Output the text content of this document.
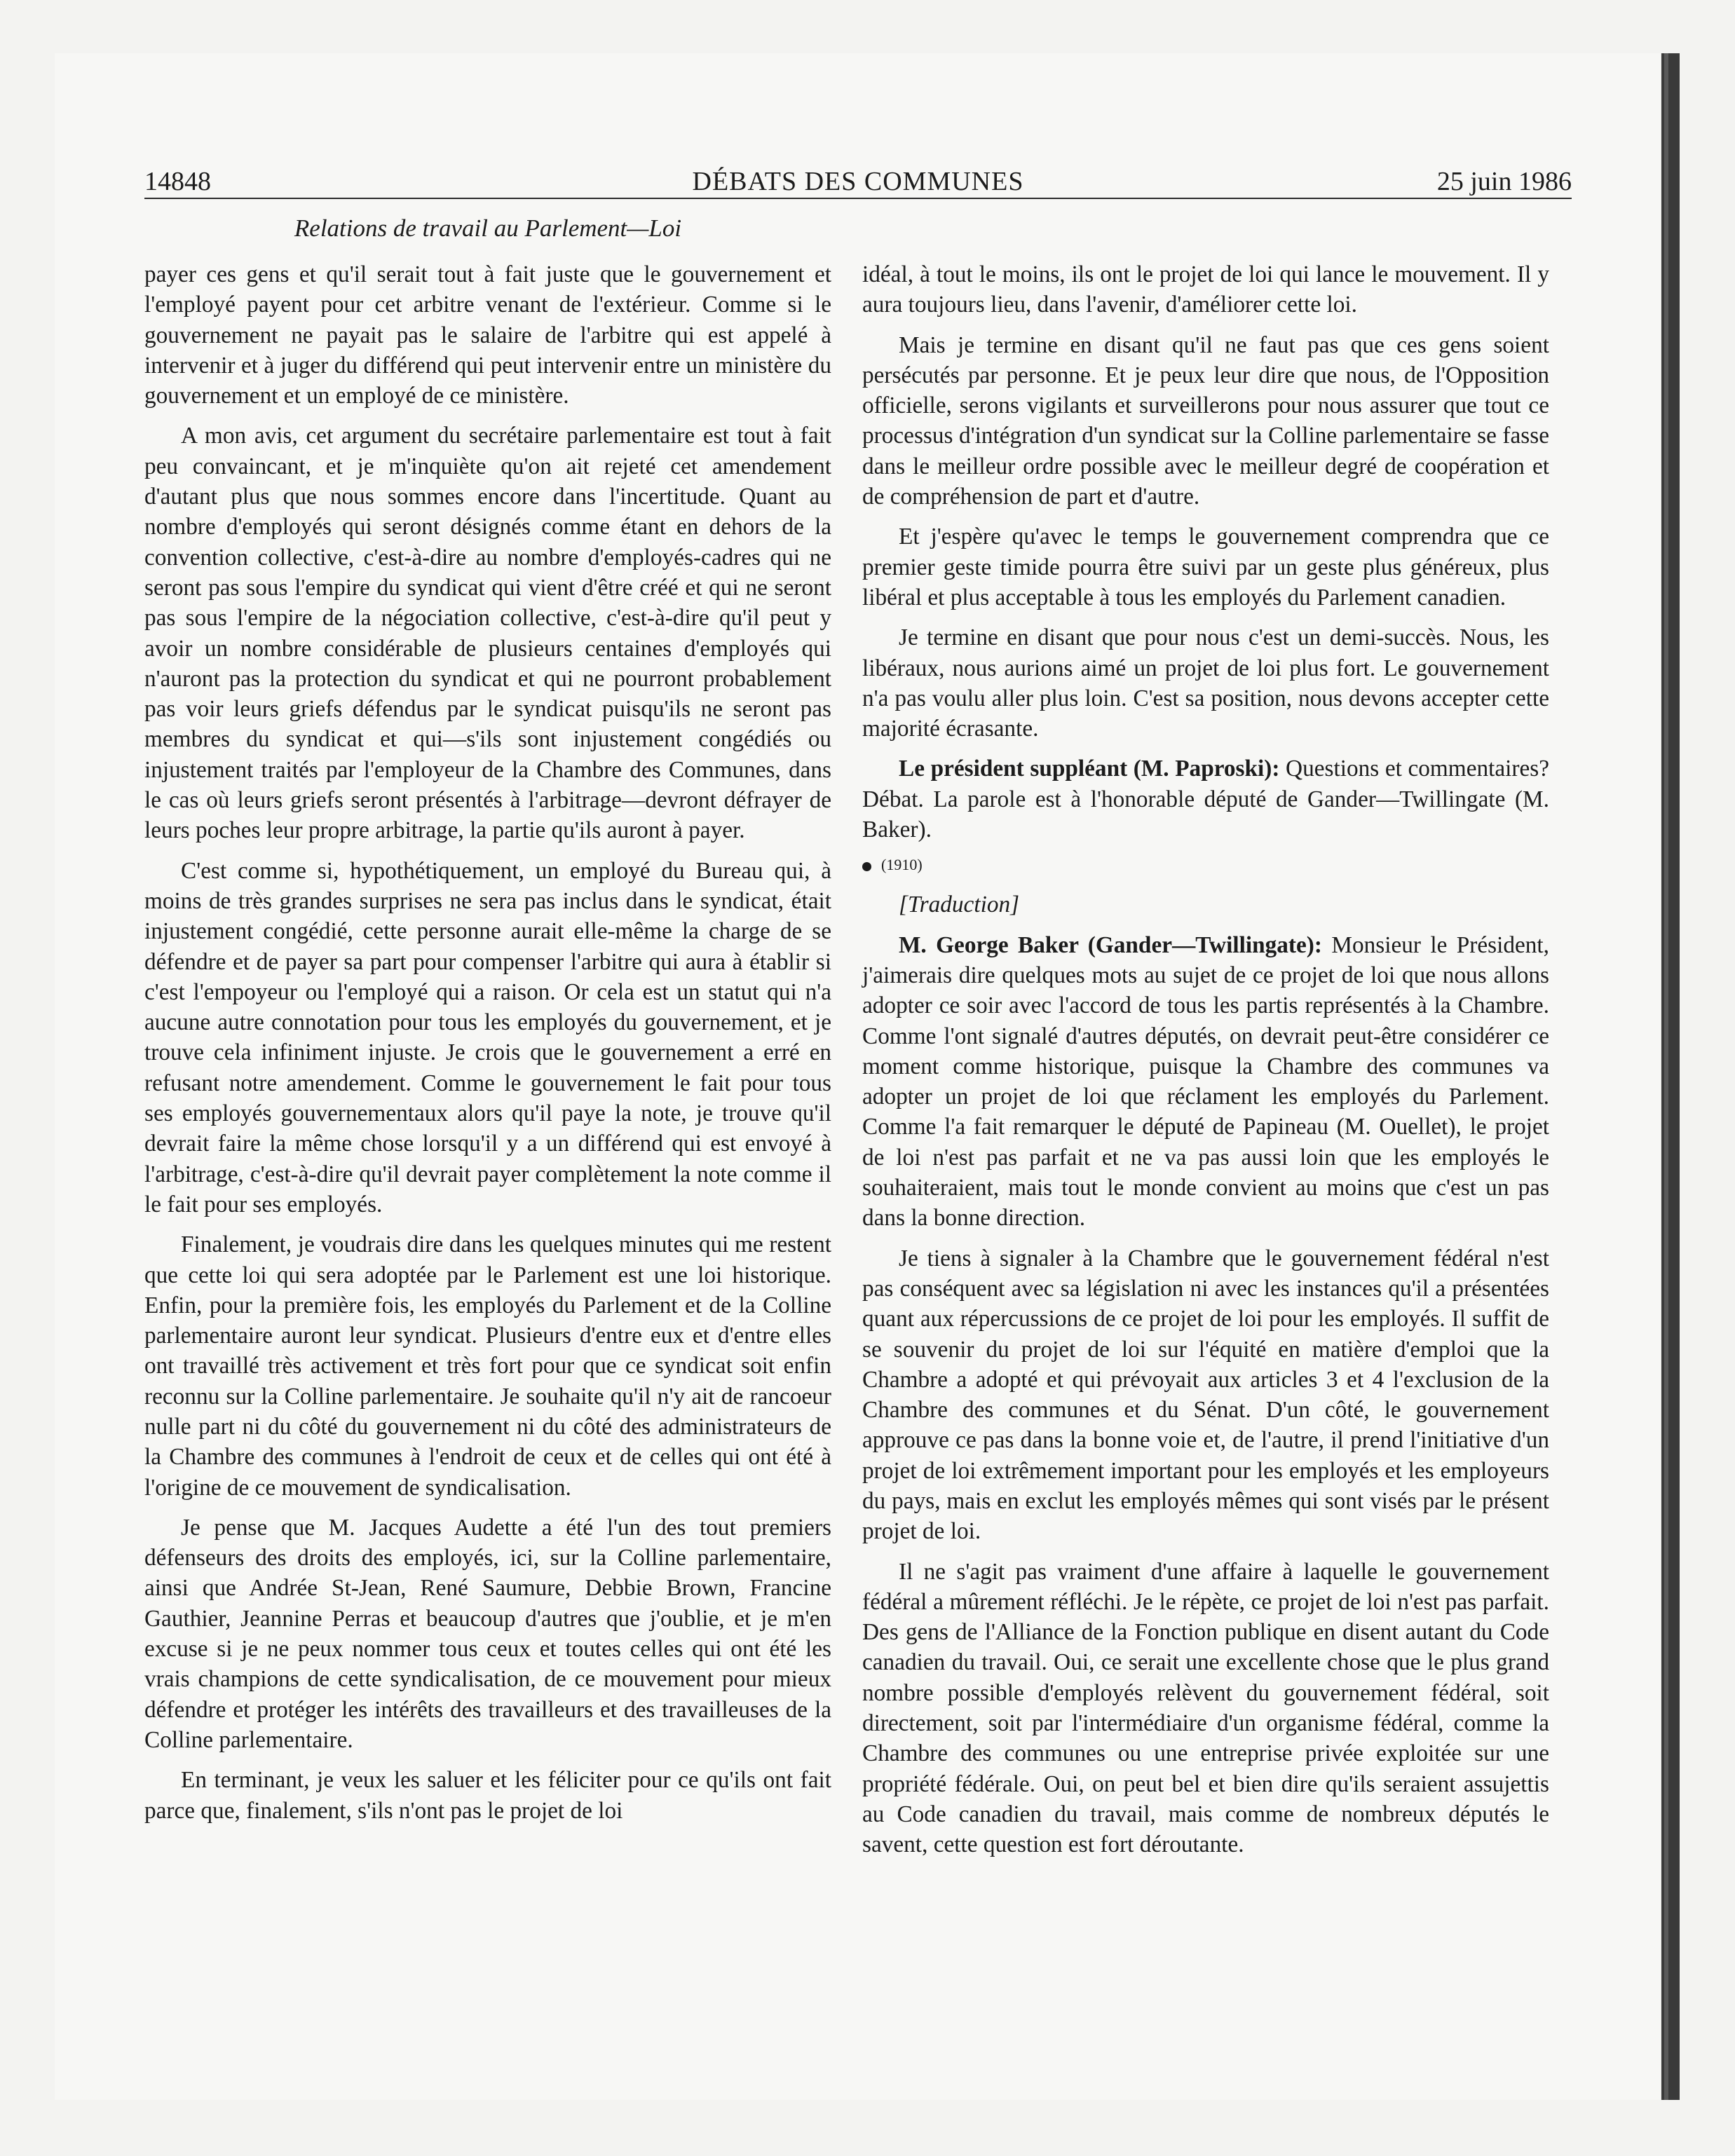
14848	DÉBATS DES COMMUNES	25 juin 1986
Relations de travail au Parlement—Loi

payer ces gens et qu'il serait tout à fait juste que le gouvernement et l'employé payent pour cet arbitre venant de l'extérieur. Comme si le gouvernement ne payait pas le salaire de l'arbitre qui est appelé à intervenir et à juger du différend qui peut intervenir entre un ministère du gouvernement et un employé de ce ministère.

A mon avis, cet argument du secrétaire parlementaire est tout à fait peu convaincant, et je m'inquiète qu'on ait rejeté cet amendement d'autant plus que nous sommes encore dans l'incertitude. Quant au nombre d'employés qui seront désignés comme étant en dehors de la convention collective, c'est-à-dire au nombre d'employés-cadres qui ne seront pas sous l'empire du syndicat qui vient d'être créé et qui ne seront pas sous l'empire de la négociation collective, c'est-à-dire qu'il peut y avoir un nombre considérable de plusieurs centaines d'employés qui n'auront pas la protection du syndicat et qui ne pourront probablement pas voir leurs griefs défendus par le syndicat puisqu'ils ne seront pas membres du syndicat et qui—s'ils sont injustement congédiés ou injustement traités par l'employeur de la Chambre des Communes, dans le cas où leurs griefs seront présentés à l'arbitrage—devront défrayer de leurs poches leur propre arbitrage, la partie qu'ils auront à payer.

C'est comme si, hypothétiquement, un employé du Bureau qui, à moins de très grandes surprises ne sera pas inclus dans le syndicat, était injustement congédié, cette personne aurait elle-même la charge de se défendre et de payer sa part pour compenser l'arbitre qui aura à établir si c'est l'empoyeur ou l'employé qui a raison. Or cela est un statut qui n'a aucune autre connotation pour tous les employés du gouvernement, et je trouve cela infiniment injuste. Je crois que le gouvernement a erré en refusant notre amendement. Comme le gouvernement le fait pour tous ses employés gouvernementaux alors qu'il paye la note, je trouve qu'il devrait faire la même chose lorsqu'il y a un différend qui est envoyé à l'arbitrage, c'est-à-dire qu'il devrait payer complètement la note comme il le fait pour ses employés.

Finalement, je voudrais dire dans les quelques minutes qui me restent que cette loi qui sera adoptée par le Parlement est une loi historique. Enfin, pour la première fois, les employés du Parlement et de la Colline parlementaire auront leur syndicat. Plusieurs d'entre eux et d'entre elles ont travaillé très activement et très fort pour que ce syndicat soit enfin reconnu sur la Colline parlementaire. Je souhaite qu'il n'y ait de rancoeur nulle part ni du côté du gouvernement ni du côté des administrateurs de la Chambre des communes à l'endroit de ceux et de celles qui ont été à l'origine de ce mouvement de syndicalisation.

Je pense que M. Jacques Audette a été l'un des tout premiers défenseurs des droits des employés, ici, sur la Colline parlementaire, ainsi que Andrée St-Jean, René Saumure, Debbie Brown, Francine Gauthier, Jeannine Perras et beaucoup d'autres que j'oublie, et je m'en excuse si je ne peux nommer tous ceux et toutes celles qui ont été les vrais champions de cette syndicalisation, de ce mouvement pour mieux défendre et protéger les intérêts des travailleurs et des travailleuses de la Colline parlementaire.

En terminant, je veux les saluer et les féliciter pour ce qu'ils ont fait parce que, finalement, s'ils n'ont pas le projet de loi

idéal, à tout le moins, ils ont le projet de loi qui lance le mouvement. Il y aura toujours lieu, dans l'avenir, d'améliorer cette loi.

Mais je termine en disant qu'il ne faut pas que ces gens soient persécutés par personne. Et je peux leur dire que nous, de l'Opposition officielle, serons vigilants et surveillerons pour nous assurer que tout ce processus d'intégration d'un syndicat sur la Colline parlementaire se fasse dans le meilleur ordre possible avec le meilleur degré de coopération et de compréhension de part et d'autre.

Et j'espère qu'avec le temps le gouvernement comprendra que ce premier geste timide pourra être suivi par un geste plus généreux, plus libéral et plus acceptable à tous les employés du Parlement canadien.

Je termine en disant que pour nous c'est un demi-succès. Nous, les libéraux, nous aurions aimé un projet de loi plus fort. Le gouvernement n'a pas voulu aller plus loin. C'est sa position, nous devons accepter cette majorité écrasante.

Le président suppléant (M. Paproski): Questions et commentaires? Débat. La parole est à l'honorable député de Gander—Twillingate (M. Baker).

(1910)

[Traduction]

M. George Baker (Gander—Twillingate): Monsieur le Président, j'aimerais dire quelques mots au sujet de ce projet de loi que nous allons adopter ce soir avec l'accord de tous les partis représentés à la Chambre. Comme l'ont signalé d'autres députés, on devrait peut-être considérer ce moment comme historique, puisque la Chambre des communes va adopter un projet de loi que réclament les employés du Parlement. Comme l'a fait remarquer le député de Papineau (M. Ouellet), le projet de loi n'est pas parfait et ne va pas aussi loin que les employés le souhaiteraient, mais tout le monde convient au moins que c'est un pas dans la bonne direction.

Je tiens à signaler à la Chambre que le gouvernement fédéral n'est pas conséquent avec sa législation ni avec les instances qu'il a présentées quant aux répercussions de ce projet de loi pour les employés. Il suffit de se souvenir du projet de loi sur l'équité en matière d'emploi que la Chambre a adopté et qui prévoyait aux articles 3 et 4 l'exclusion de la Chambre des communes et du Sénat. D'un côté, le gouvernement approuve ce pas dans la bonne voie et, de l'autre, il prend l'initiative d'un projet de loi extrêmement important pour les employés et les employeurs du pays, mais en exclut les employés mêmes qui sont visés par le présent projet de loi.

Il ne s'agit pas vraiment d'une affaire à laquelle le gouvernement fédéral a mûrement réfléchi. Je le répète, ce projet de loi n'est pas parfait. Des gens de l'Alliance de la Fonction publique en disent autant du Code canadien du travail. Oui, ce serait une excellente chose que le plus grand nombre possible d'employés relèvent du gouvernement fédéral, soit directement, soit par l'intermédiaire d'un organisme fédéral, comme la Chambre des communes ou une entreprise privée exploitée sur une propriété fédérale. Oui, on peut bel et bien dire qu'ils seraient assujettis au Code canadien du travail, mais comme de nombreux députés le savent, cette question est fort déroutante.
